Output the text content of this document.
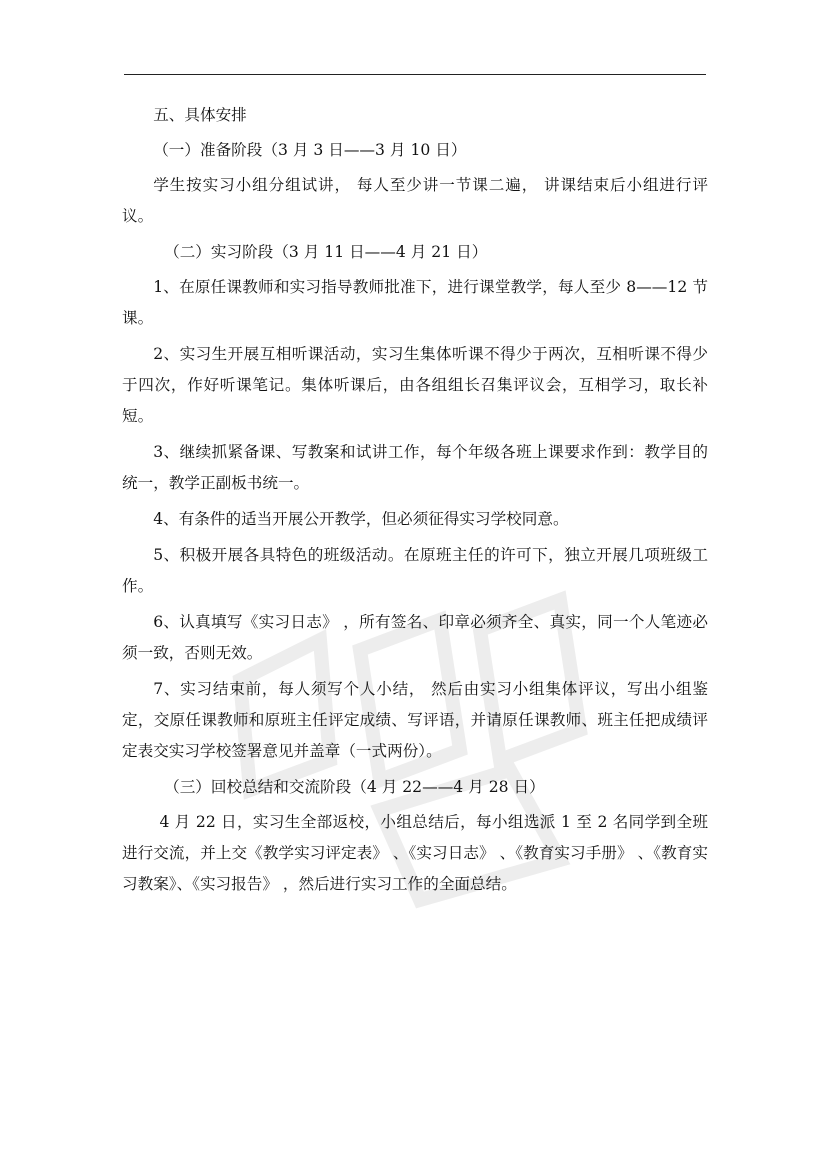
五、具体安排

（一）准备阶段（3 月 3 日——3 月 10 日）

学生按实习小组分组试讲， 每人至少讲一节课二遍， 讲课结束后小组进行评议。

（二）实习阶段（3 月 11 日——4 月 21 日）

1、在原任课教师和实习指导教师批准下，进行课堂教学，每人至少 8——12 节课。

2、实习生开展互相听课活动，实习生集体听课不得少于两次，互相听课不得少于四次，作好听课笔记。集体听课后，由各组组长召集评议会，互相学习，取长补短。

3、继续抓紧备课、写教案和试讲工作，每个年级各班上课要求作到：教学目的统一，教学正副板书统一。

4、有条件的适当开展公开教学，但必须征得实习学校同意。

5、积极开展各具特色的班级活动。在原班主任的许可下，独立开展几项班级工作。

6、认真填写《实习日志》 ，所有签名、印章必须齐全、真实，同一个人笔迹必须一致，否则无效。

7、实习结束前，每人须写个人小结， 然后由实习小组集体评议，写出小组鉴定，交原任课教师和原班主任评定成绩、写评语，并请原任课教师、班主任把成绩评定表交实习学校签署意见并盖章（一式两份）。

（三）回校总结和交流阶段（4 月 22——4 月 28 日）

4 月 22 日，实习生全部返校，小组总结后，每小组选派 1 至 2 名同学到全班进行交流，并上交《教学实习评定表》 、《实习日志》 、《教育实习手册》 、《教育实习教案》、《实习报告》 ，然后进行实习工作的全面总结。
